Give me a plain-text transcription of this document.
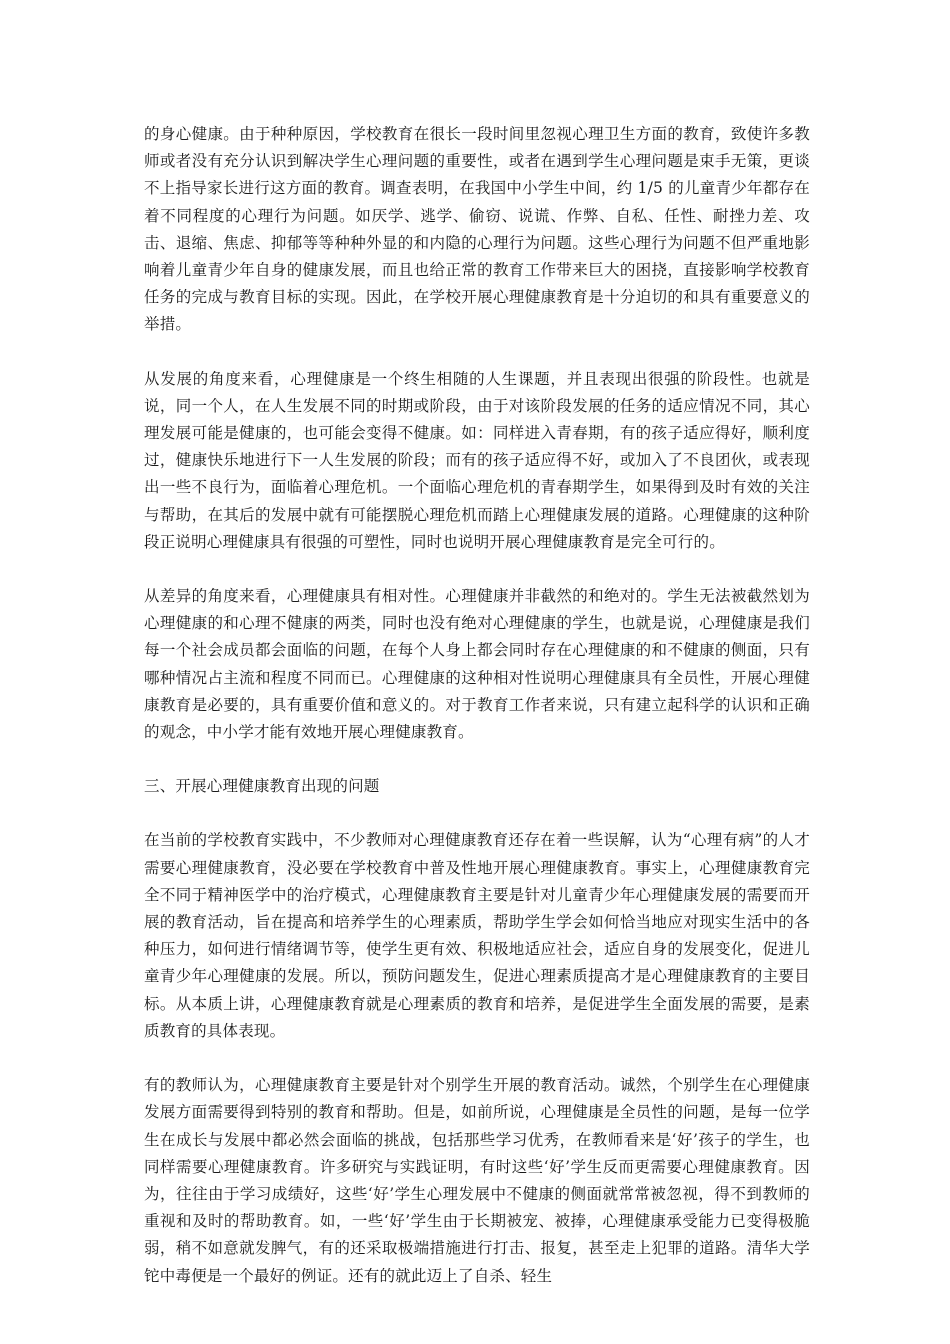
的身心健康。由于种种原因，学校教育在很长一段时间里忽视心理卫生方面的教育，致使许多教师或者没有充分认识到解决学生心理问题的重要性，或者在遇到学生心理问题是束手无策，更谈不上指导家长进行这方面的教育。调查表明，在我国中小学生中间，约 1/5 的儿童青少年都存在着不同程度的心理行为问题。如厌学、逃学、偷窃、说谎、作弊、自私、任性、耐挫力差、攻击、退缩、焦虑、抑郁等等种种外显的和内隐的心理行为问题。这些心理行为问题不但严重地影响着儿童青少年自身的健康发展，而且也给正常的教育工作带来巨大的困挠，直接影响学校教育任务的完成与教育目标的实现。因此，在学校开展心理健康教育是十分迫切的和具有重要意义的举措。

从发展的角度来看，心理健康是一个终生相随的人生课题，并且表现出很强的阶段性。也就是说，同一个人，在人生发展不同的时期或阶段，由于对该阶段发展的任务的适应情况不同，其心理发展可能是健康的，也可能会变得不健康。如：同样进入青春期，有的孩子适应得好，顺利度过，健康快乐地进行下一人生发展的阶段；而有的孩子适应得不好，或加入了不良团伙，或表现出一些不良行为，面临着心理危机。一个面临心理危机的青春期学生，如果得到及时有效的关注与帮助，在其后的发展中就有可能摆脱心理危机而踏上心理健康发展的道路。心理健康的这种阶段正说明心理健康具有很强的可塑性，同时也说明开展心理健康教育是完全可行的。

从差异的角度来看，心理健康具有相对性。心理健康并非截然的和绝对的。学生无法被截然划为心理健康的和心理不健康的两类，同时也没有绝对心理健康的学生，也就是说，心理健康是我们每一个社会成员都会面临的问题，在每个人身上都会同时存在心理健康的和不健康的侧面，只有哪种情况占主流和程度不同而已。心理健康的这种相对性说明心理健康具有全员性，开展心理健康教育是必要的，具有重要价值和意义的。对于教育工作者来说，只有建立起科学的认识和正确的观念，中小学才能有效地开展心理健康教育。

三、开展心理健康教育出现的问题

在当前的学校教育实践中，不少教师对心理健康教育还存在着一些误解，认为“心理有病”的人才需要心理健康教育，没必要在学校教育中普及性地开展心理健康教育。事实上，心理健康教育完全不同于精神医学中的治疗模式，心理健康教育主要是针对儿童青少年心理健康发展的需要而开展的教育活动，旨在提高和培养学生的心理素质，帮助学生学会如何恰当地应对现实生活中的各种压力，如何进行情绪调节等，使学生更有效、积极地适应社会，适应自身的发展变化，促进儿童青少年心理健康的发展。所以，预防问题发生，促进心理素质提高才是心理健康教育的主要目标。从本质上讲，心理健康教育就是心理素质的教育和培养，是促进学生全面发展的需要，是素质教育的具体表现。

有的教师认为，心理健康教育主要是针对个别学生开展的教育活动。诚然，个别学生在心理健康发展方面需要得到特别的教育和帮助。但是，如前所说，心理健康是全员性的问题，是每一位学生在成长与发展中都必然会面临的挑战，包括那些学习优秀，在教师看来是‘好’孩子的学生，也同样需要心理健康教育。许多研究与实践证明，有时这些‘好’学生反而更需要心理健康教育。因为，往往由于学习成绩好，这些‘好’学生心理发展中不健康的侧面就常常被忽视，得不到教师的重视和及时的帮助教育。如，一些‘好’学生由于长期被宠、被捧，心理健康承受能力已变得极脆弱，稍不如意就发脾气，有的还采取极端措施进行打击、报复，甚至走上犯罪的道路。清华大学铊中毒便是一个最好的例证。还有的就此迈上了自杀、轻生
